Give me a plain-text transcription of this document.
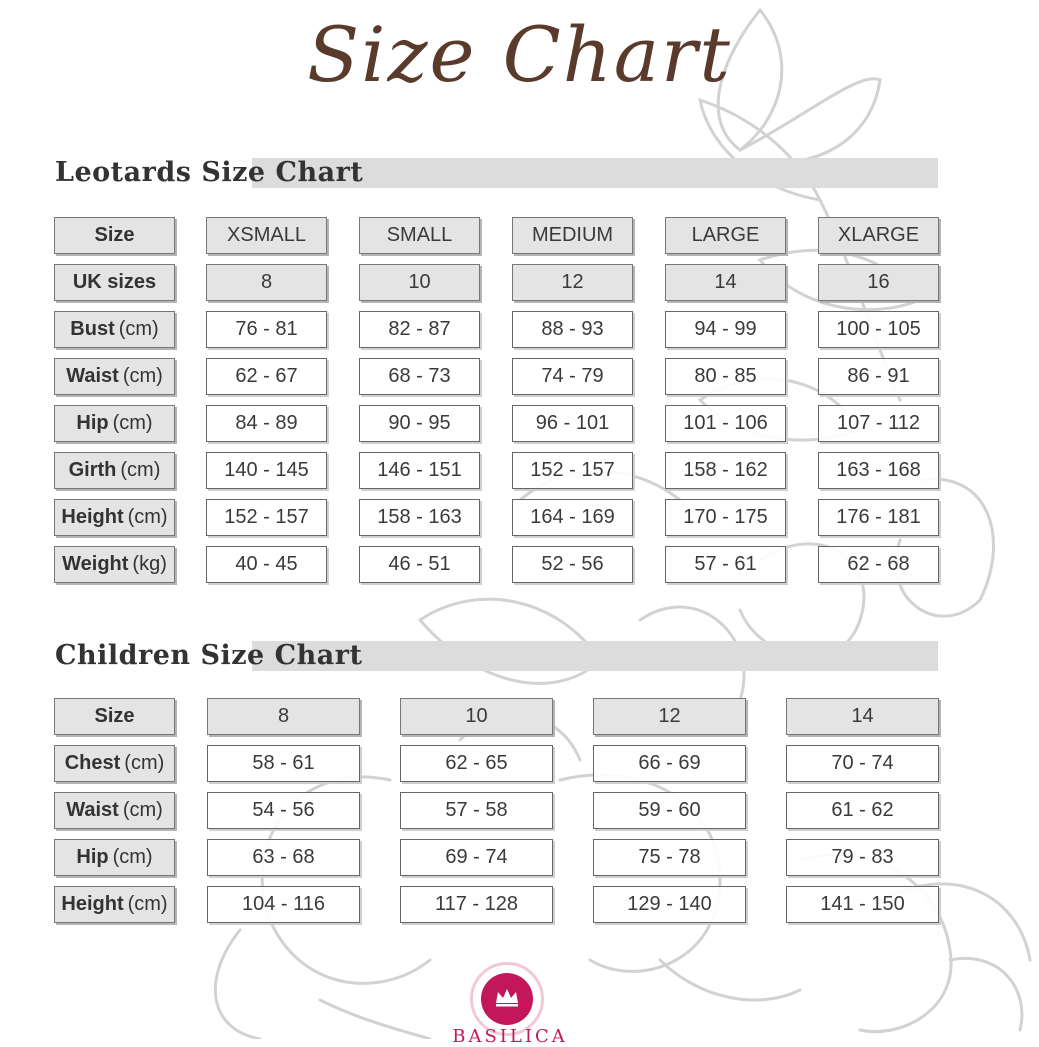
Size Chart
Leotards Size Chart
Size	XSMALL	SMALL	MEDIUM	LARGE	XLARGE
UK sizes	8	10	12	14	16
Bust (cm)	76 - 81	82 - 87	88 - 93	94 - 99	100 - 105
Waist (cm)	62 - 67	68 - 73	74 - 79	80 - 85	86 - 91
Hip (cm)	84 - 89	90 - 95	96 - 101	101 - 106	107 - 112
Girth (cm)	140 - 145	146 - 151	152 - 157	158 - 162	163 - 168
Height (cm)	152 - 157	158 - 163	164 - 169	170 - 175	176 - 181
Weight (kg)	40 - 45	46 - 51	52 - 56	57 - 61	62 - 68
Children Size Chart
Size	8	10	12	14
Chest (cm)	58 - 61	62 - 65	66 - 69	70 - 74
Waist (cm)	54 - 56	57 - 58	59 - 60	61 - 62
Hip (cm)	63 - 68	69 - 74	75 - 78	79 - 83
Height (cm)	104 - 116	117 - 128	129 - 140	141 - 150
BASILICA
